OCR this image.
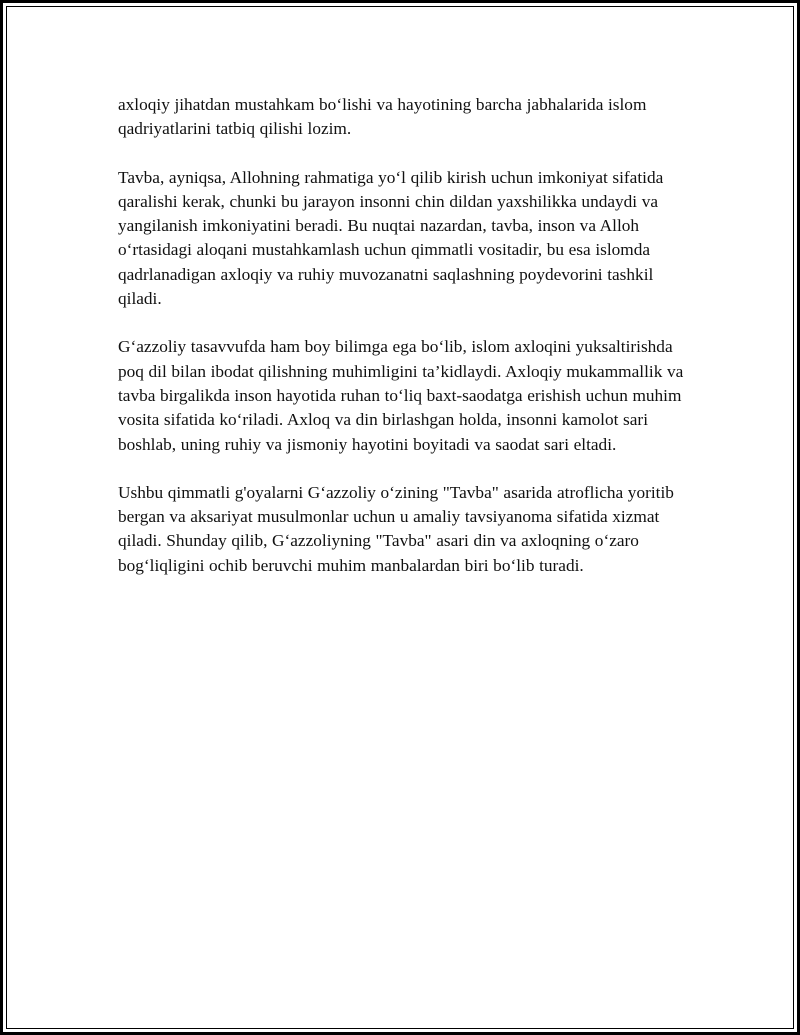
axloqiy jihatdan mustahkam bo‘lishi va hayotining barcha jabhalarida islom qadriyatlarini tatbiq qilishi lozim.

Tavba, ayniqsa, Allohning rahmatiga yo‘l qilib kirish uchun imkoniyat sifatida qaralishi kerak, chunki bu jarayon insonni chin dildan yaxshilikka undaydi va yangilanish imkoniyatini beradi. Bu nuqtai nazardan, tavba, inson va Alloh o‘rtasidagi aloqani mustahkamlash uchun qimmatli vositadir, bu esa islomda qadrlanadigan axloqiy va ruhiy muvozanatni saqlashning poydevorini tashkil qiladi.

G‘azzoliy tasavvufda ham boy bilimga ega bo‘lib, islom axloqini yuksaltirishda poq dil bilan ibodat qilishning muhimligini ta’kidlaydi. Axloqiy mukammallik va tavba birgalikda inson hayotida ruhan to‘liq baxt-saodatga erishish uchun muhim vosita sifatida ko‘riladi. Axloq va din birlashgan holda, insonni kamolot sari boshlab, uning ruhiy va jismoniy hayotini boyitadi va saodat sari eltadi.

Ushbu qimmatli g'oyalarni G‘azzoliy o‘zining "Tavba" asarida atroflicha yoritib bergan va aksariyat musulmonlar uchun u amaliy tavsiyanoma sifatida xizmat qiladi. Shunday qilib, G‘azzoliyning "Tavba" asari din va axloqning o‘zaro bog‘liqligini ochib beruvchi muhim manbalardan biri bo‘lib turadi.
